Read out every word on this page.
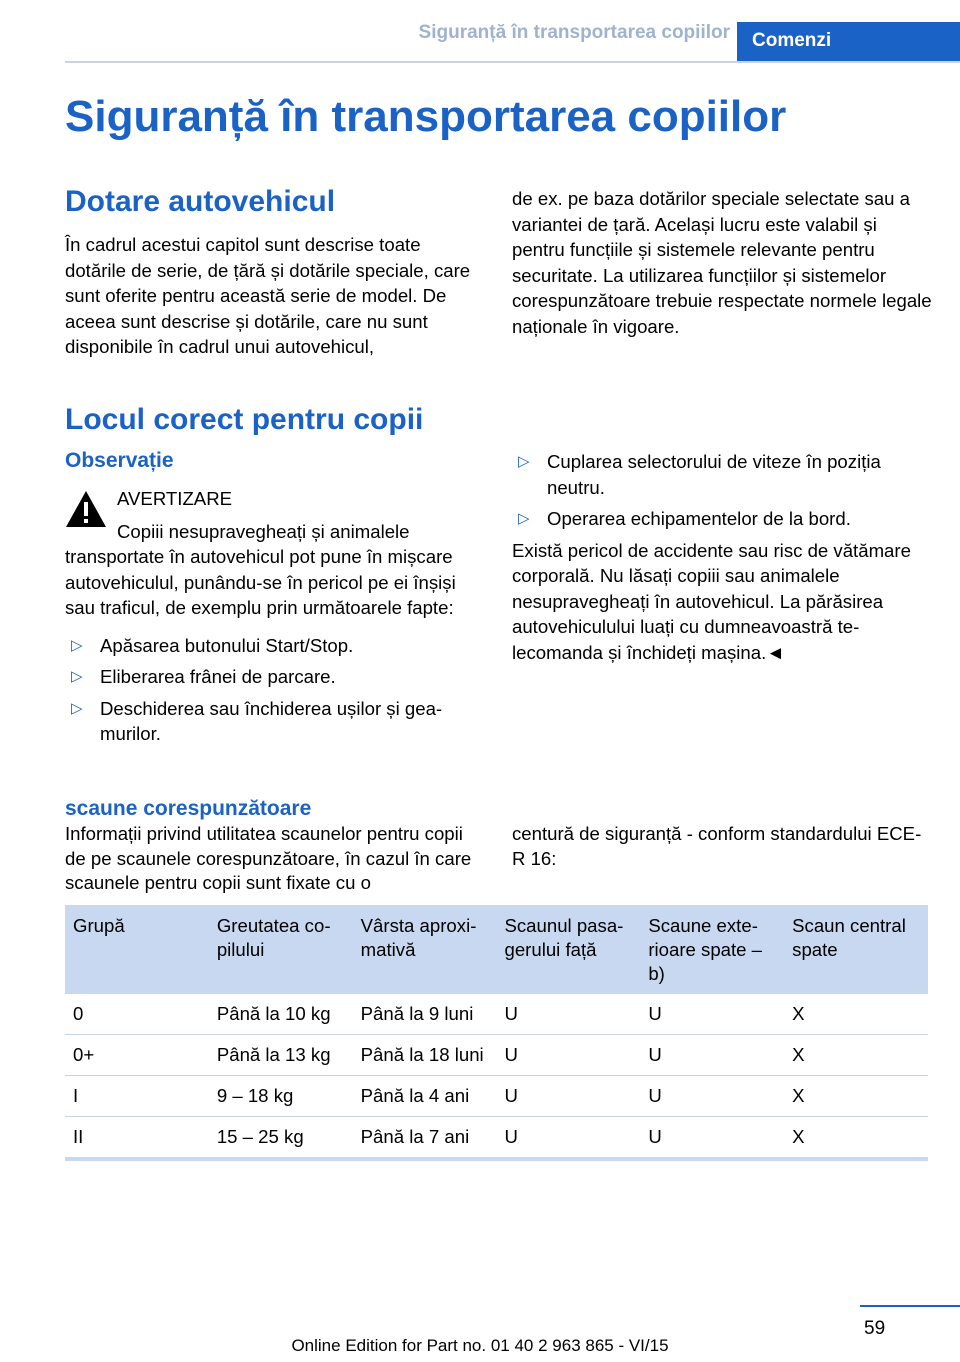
Siguranță în transportarea copiilor	Comenzi
Siguranță în transportarea copiilor
Dotare autovehicul

În cadrul acestui capitol sunt descrise toate dotările de serie, de țără și dotările speciale, care sunt oferite pentru această serie de model. De aceea sunt descrise și dotările, care nu sunt disponibile în cadrul unui autovehicul,

de ex. pe baza dotărilor speciale selectate sau a variantei de țară. Același lucru este valabil și pentru funcțiile și sistemele relevante pentru securitate. La utilizarea funcțiilor și sistemelor corespunzătoare trebuie respectate normele legale naționale în vigoare.

Locul corect pentru copii
Observație

AVERTIZARE

Copiii nesupravegheați și animalele

transportate în autovehicul pot pune în mișcare autovehiculul, punându-se în pericol pe ei înșiși sau traficul, de exemplu prin următoarele fapte:

▷ Apăsarea butonului Start/Stop.
▷ Eliberarea frânei de parcare.
▷ Deschiderea sau închiderea ușilor și geamurilor.
▷ Cuplarea selectorului de viteze în poziția neutru.
▷ Operarea echipamentelor de la bord.

Există pericol de accidente sau risc de vătămare corporală. Nu lăsați copiii sau animalele nesupravegheați în autovehicul. La părăsirea autovehiculului luați cu dumneavoastră telecomanda și închideți mașina.◄

scaune corespunzătoare

Informații privind utilitatea scaunelor pentru copii de pe scaunele corespunzătoare, în cazul în care scaunele pentru copii sunt fixate cu o

centură de siguranță - conform standardului ECE-R 16:

Grupă	Greutatea copilului	Vârsta aproximativă	Scaunul pasagerului față	Scaune exterioare spate – b)	Scaun central spate
0	Până la 10 kg	Până la 9 luni	U	U	X
0+	Până la 13 kg	Până la 18 luni	U	U	X
I	9 – 18 kg	Până la 4 ani	U	U	X
II	15 – 25 kg	Până la 7 ani	U	U	X
59
Online Edition for Part no. 01 40 2 963 865 - VI/15
